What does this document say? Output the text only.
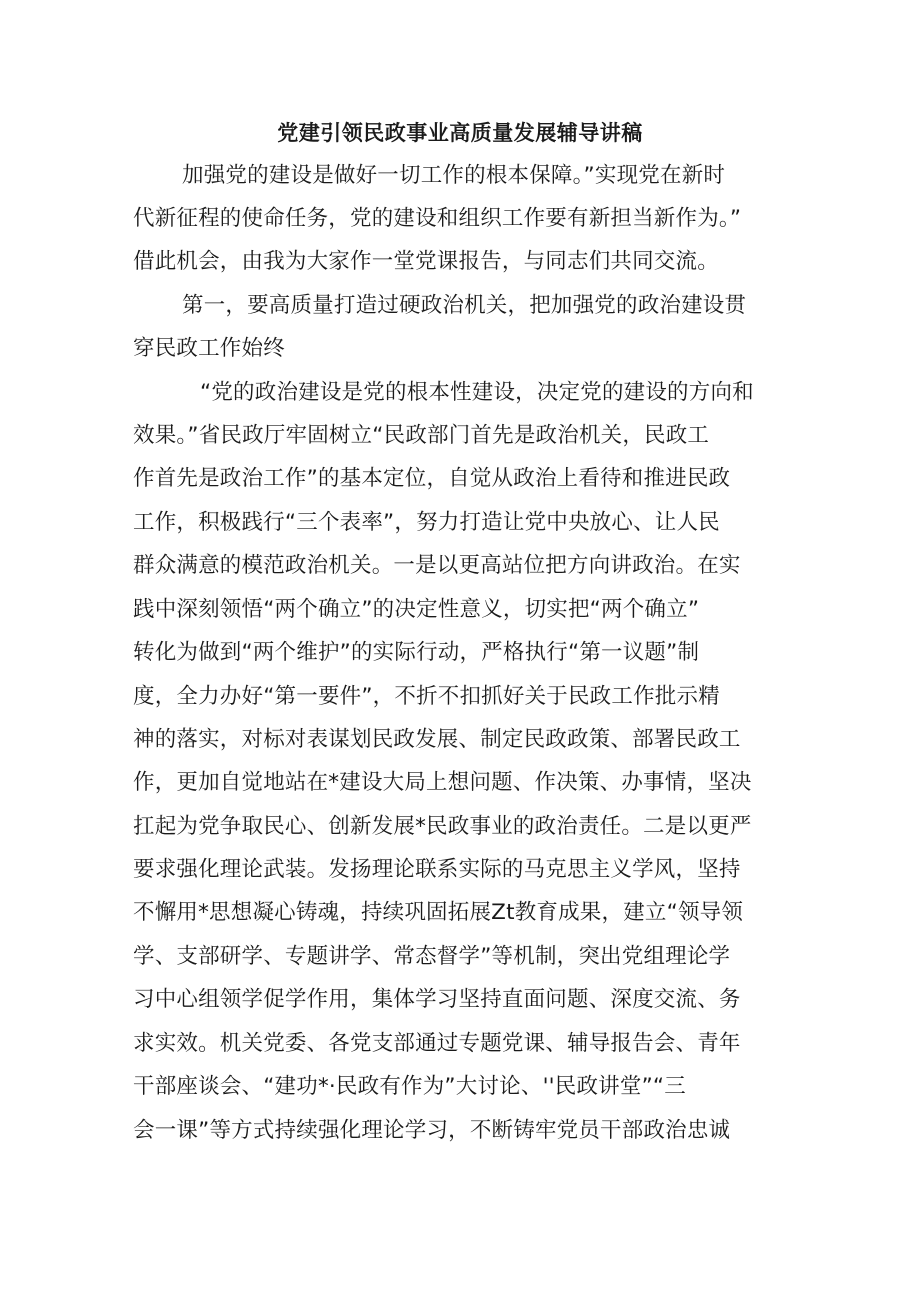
党建引领民政事业高质量发展辅导讲稿
加强党的建设是做好一切工作的根本保障。”实现党在新时
代新征程的使命任务，党的建设和组织工作要有新担当新作为。”
借此机会，由我为大家作一堂党课报告，与同志们共同交流。
第一，要高质量打造过硬政治机关，把加强党的政治建设贯
穿民政工作始终
“党的政治建设是党的根本性建设，决定党的建设的方向和
效果。”省民政厅牢固树立“民政部门首先是政治机关，民政工
作首先是政治工作”的基本定位，自觉从政治上看待和推进民政
工作，积极践行“三个表率”，努力打造让党中央放心、让人民
群众满意的模范政治机关。一是以更高站位把方向讲政治。在实
践中深刻领悟“两个确立”的决定性意义，切实把“两个确立”
转化为做到“两个维护”的实际行动，严格执行“第一议题”制
度，全力办好“第一要件”，不折不扣抓好关于民政工作批示精
神的落实，对标对表谋划民政发展、制定民政政策、部署民政工
作，更加自觉地站在*建设大局上想问题、作决策、办事情，坚决
扛起为党争取民心、创新发展*民政事业的政治责任。二是以更严
要求强化理论武装。发扬理论联系实际的马克思主义学风，坚持
不懈用*思想凝心铸魂，持续巩固拓展Zt教育成果，建立“领导领
学、支部研学、专题讲学、常态督学”等机制，突出党组理论学
习中心组领学促学作用，集体学习坚持直面问题、深度交流、务
求实效。机关党委、各党支部通过专题党课、辅导报告会、青年
干部座谈会、“建功*·民政有作为”大讨论、''民政讲堂”“三
会一课”等方式持续强化理论学习，不断铸牢党员干部政治忠诚
